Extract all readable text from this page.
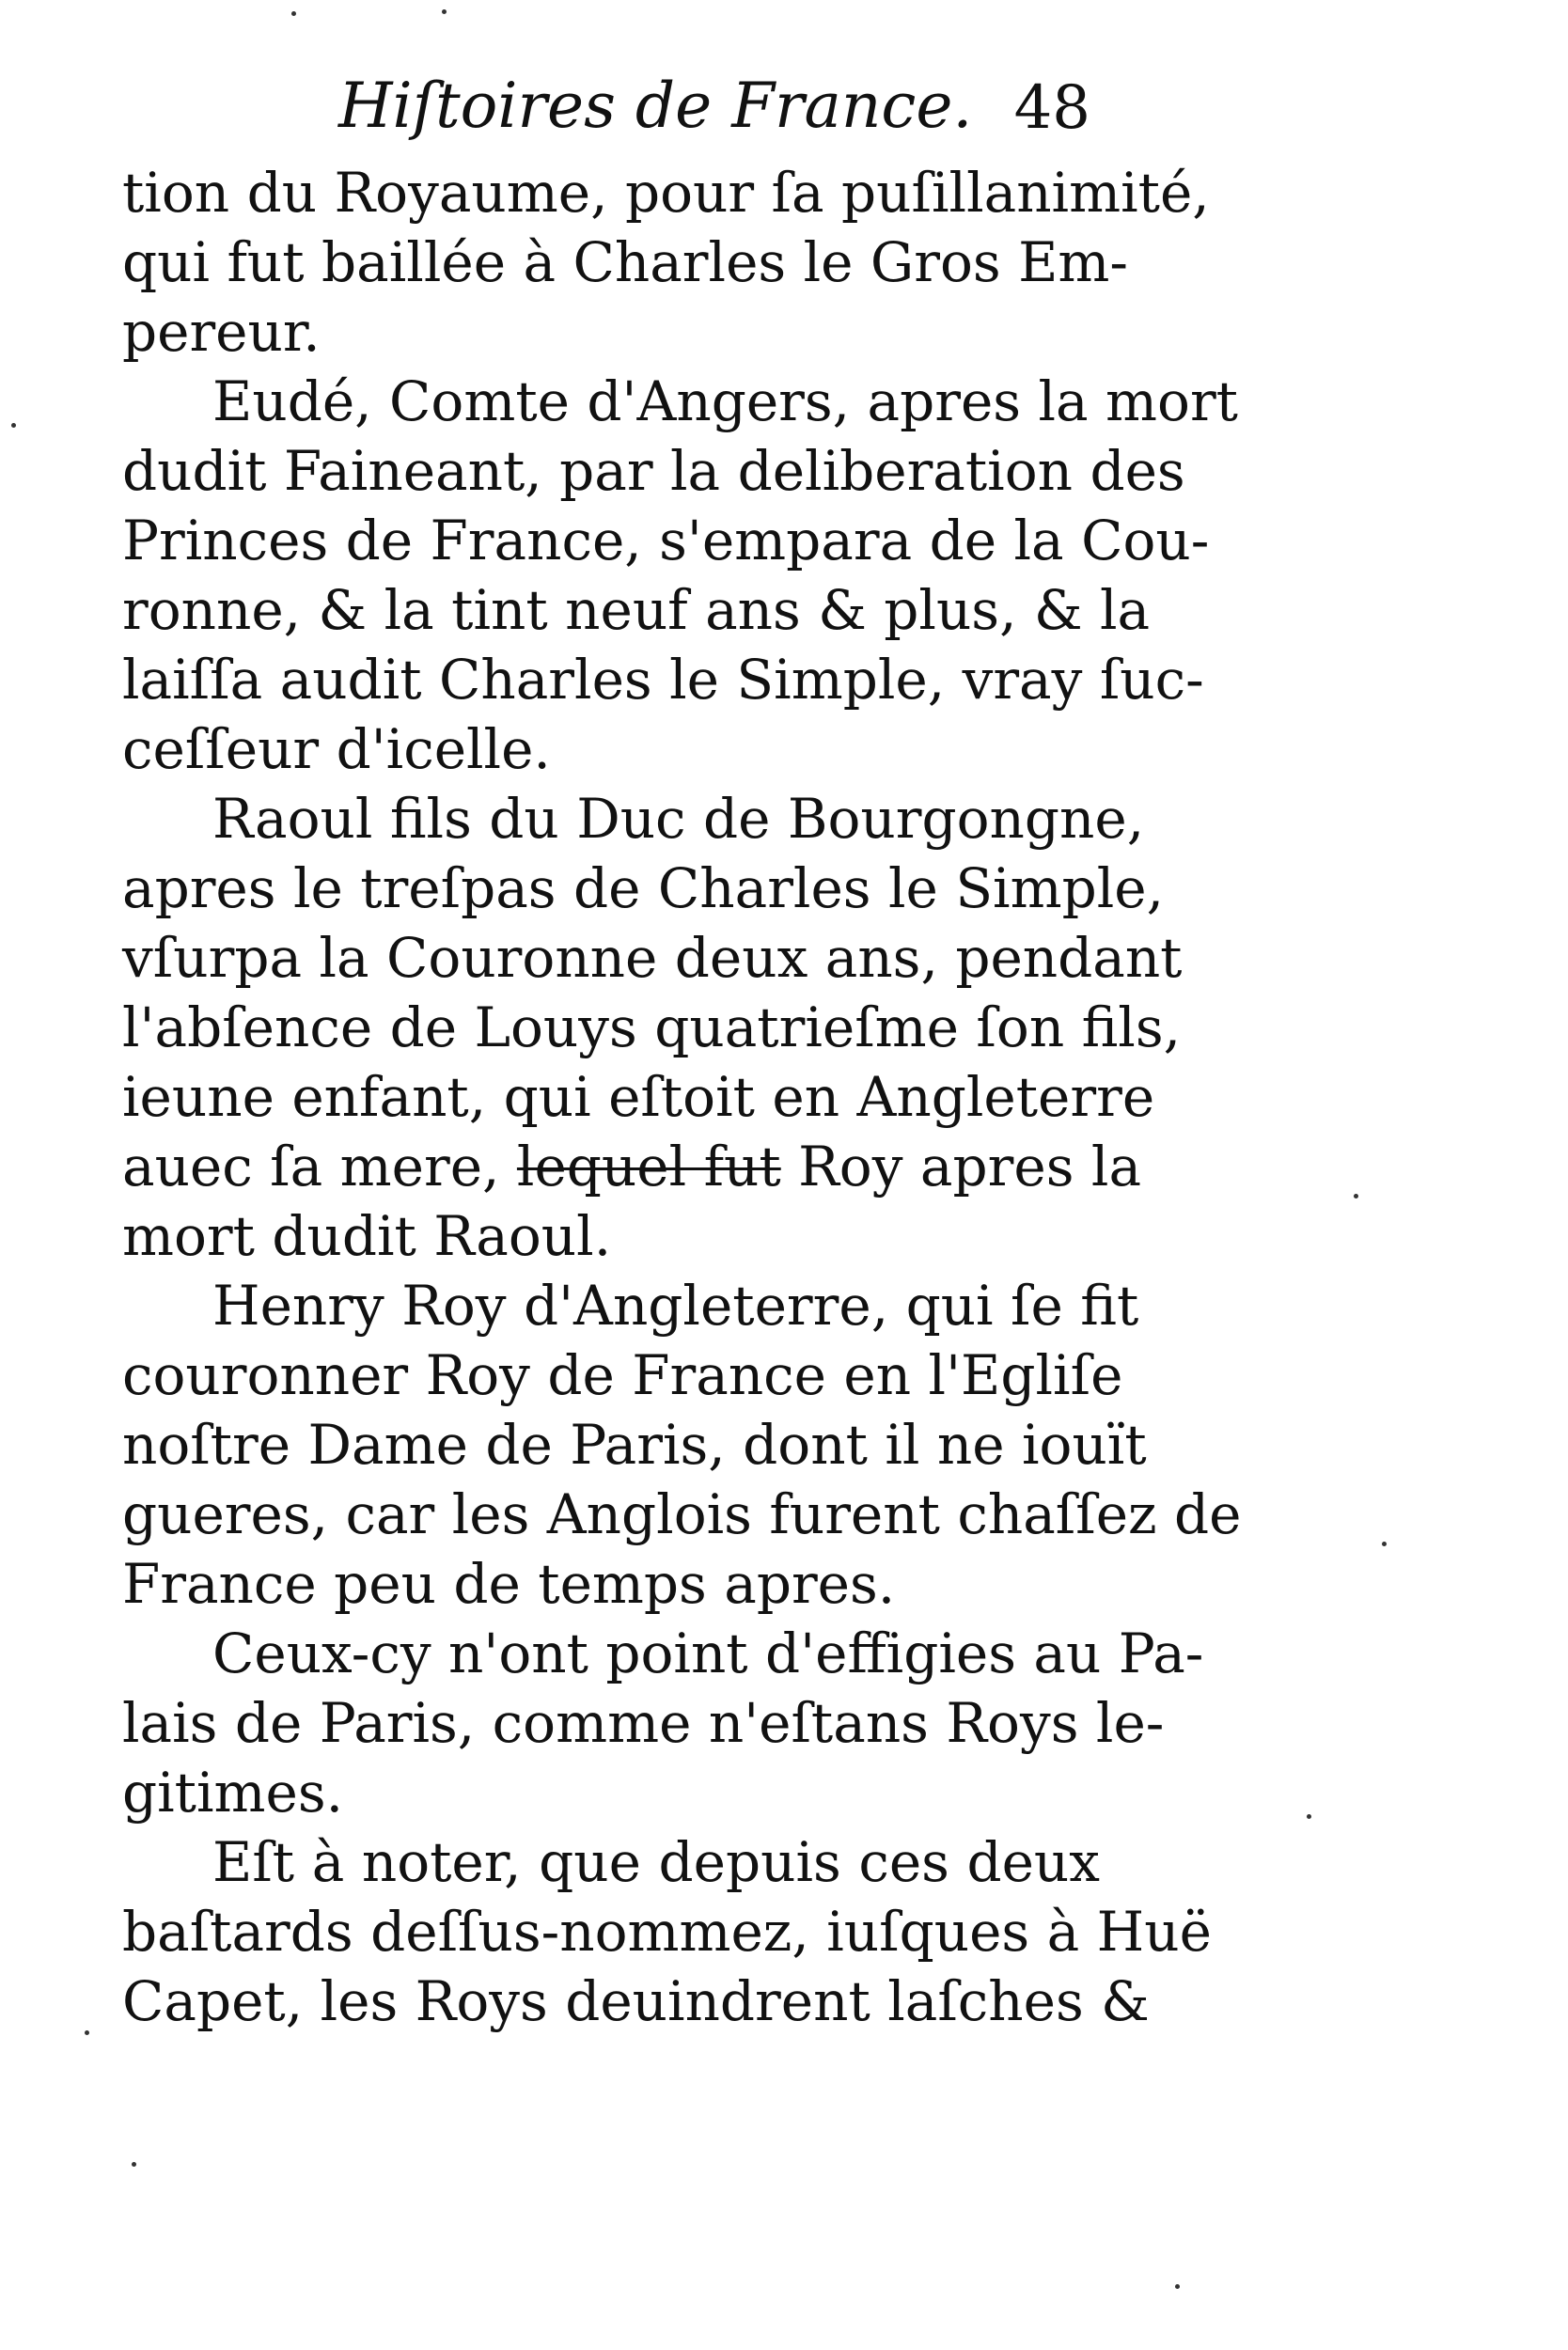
Hiſtoires de France. 48
tion du Royaume, pour ſa puſillanimité,
qui fut baillée à Charles le Gros Em-
pereur.
Eudé, Comte d'Angers, apres la mort
dudit Faineant, par la deliberation des
Princes de France, s'empara de la Cou-
ronne, & la tint neuf ans & plus, & la
laiſſa audit Charles le Simple, vray ſuc-
ceſſeur d'icelle.
Raoul fils du Duc de Bourgongne,
apres le treſpas de Charles le Simple,
vſurpa la Couronne deux ans, pendant
l'abſence de Louys quatrieſme ſon fils,
ieune enfant, qui eſtoit en Angleterre
auec ſa mere, lequel fut Roy apres la
mort dudit Raoul.
Henry Roy d'Angleterre, qui ſe fit
couronner Roy de France en l'Egliſe
noſtre Dame de Paris, dont il ne iouït
gueres, car les Anglois furent chaſſez de
France peu de temps apres.
Ceux-cy n'ont point d'effigies au Pa-
lais de Paris, comme n'eſtans Roys le-
gitimes.
Eſt à noter, que depuis ces deux
baſtards deſſus-nommez, iuſques à Huë
Capet, les Roys deuindrent laſches &
